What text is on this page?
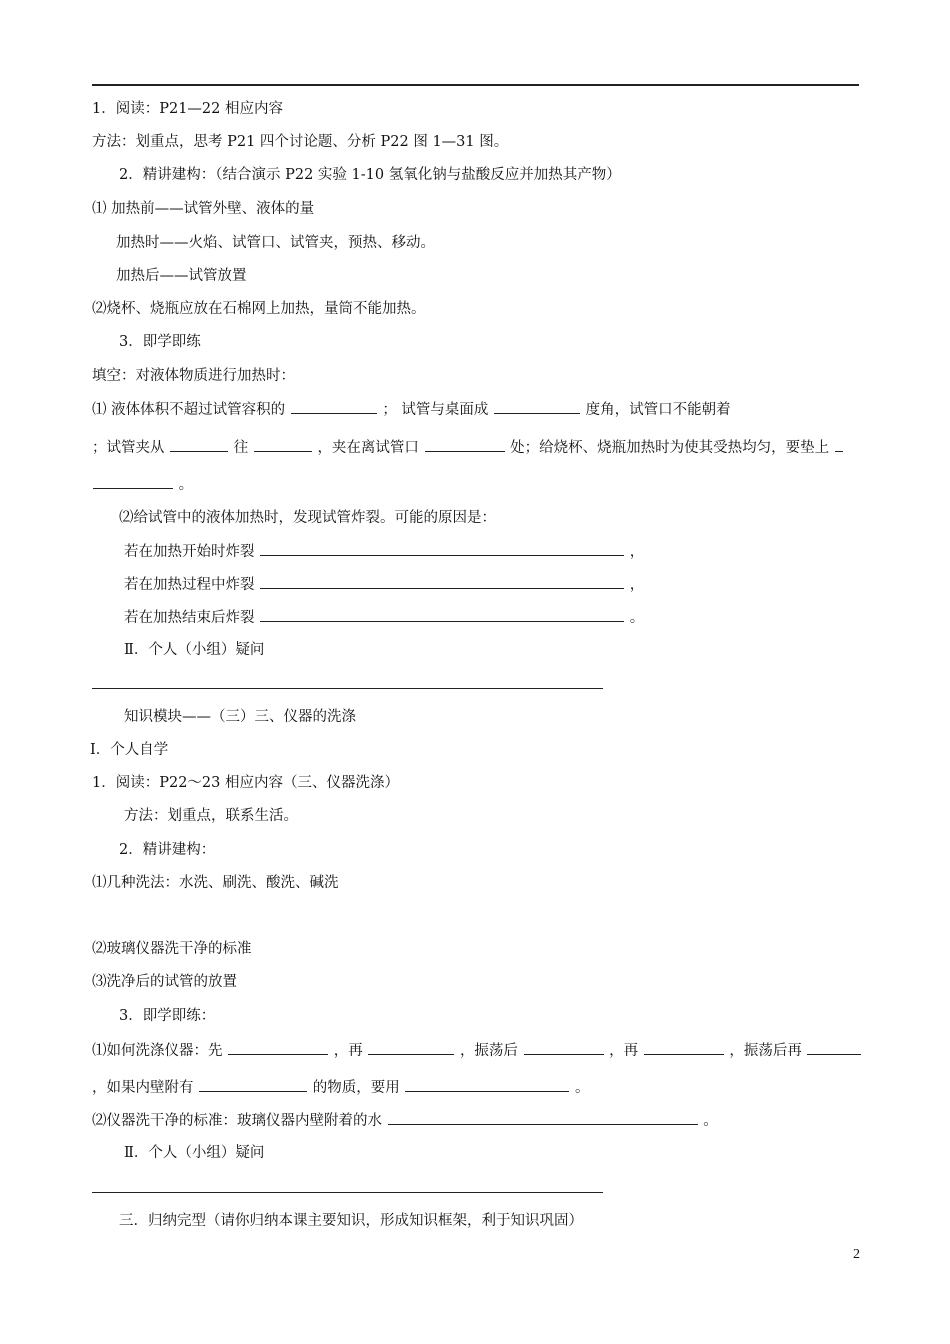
1．阅读：P21—22 相应内容
方法：划重点，思考 P21 四个讨论题、分析 P22 图 1—31 图。
2．精讲建构：（结合演示 P22 实验 1-10 氢氧化钠与盐酸反应并加热其产物）
⑴ 加热前——试管外壁、液体的量
加热时——火焰、试管口、试管夹，预热、移动。
加热后——试管放置
⑵烧杯、烧瓶应放在石棉网上加热，量筒不能加热。
3．即学即练
填空：对液体物质进行加热时：
⑴ 液体体积不超过试管容积的	； 试管与桌面成	度角，试管口不能朝着
；试管夹从	往	，夹在离试管口	处；给烧杯、烧瓶加热时为使其受热均匀，要垫上
。
⑵给试管中的液体加热时，发现试管炸裂。可能的原因是：
若在加热开始时炸裂	，
若在加热过程中炸裂	，
若在加热结束后炸裂	。
Ⅱ．个人（小组）疑问
知识模块——（三）三、仪器的洗涤
Ⅰ．个人自学
1．阅读：P22～23 相应内容（三、仪器洗涤）
方法：划重点，联系生活。
2．精讲建构：
⑴几种洗法：水洗、刷洗、酸洗、碱洗
⑵玻璃仪器洗干净的标准
⑶洗净后的试管的放置
3．即学即练：
⑴如何洗涤仪器：先	，再	，振荡后	，再	，振荡后再
，如果内壁附有	的物质，要用	。
⑵仪器洗干净的标准：玻璃仪器内壁附着的水	。
Ⅱ．个人（小组）疑问
三．归纳完型（请你归纳本课主要知识，形成知识框架，利于知识巩固）
2
